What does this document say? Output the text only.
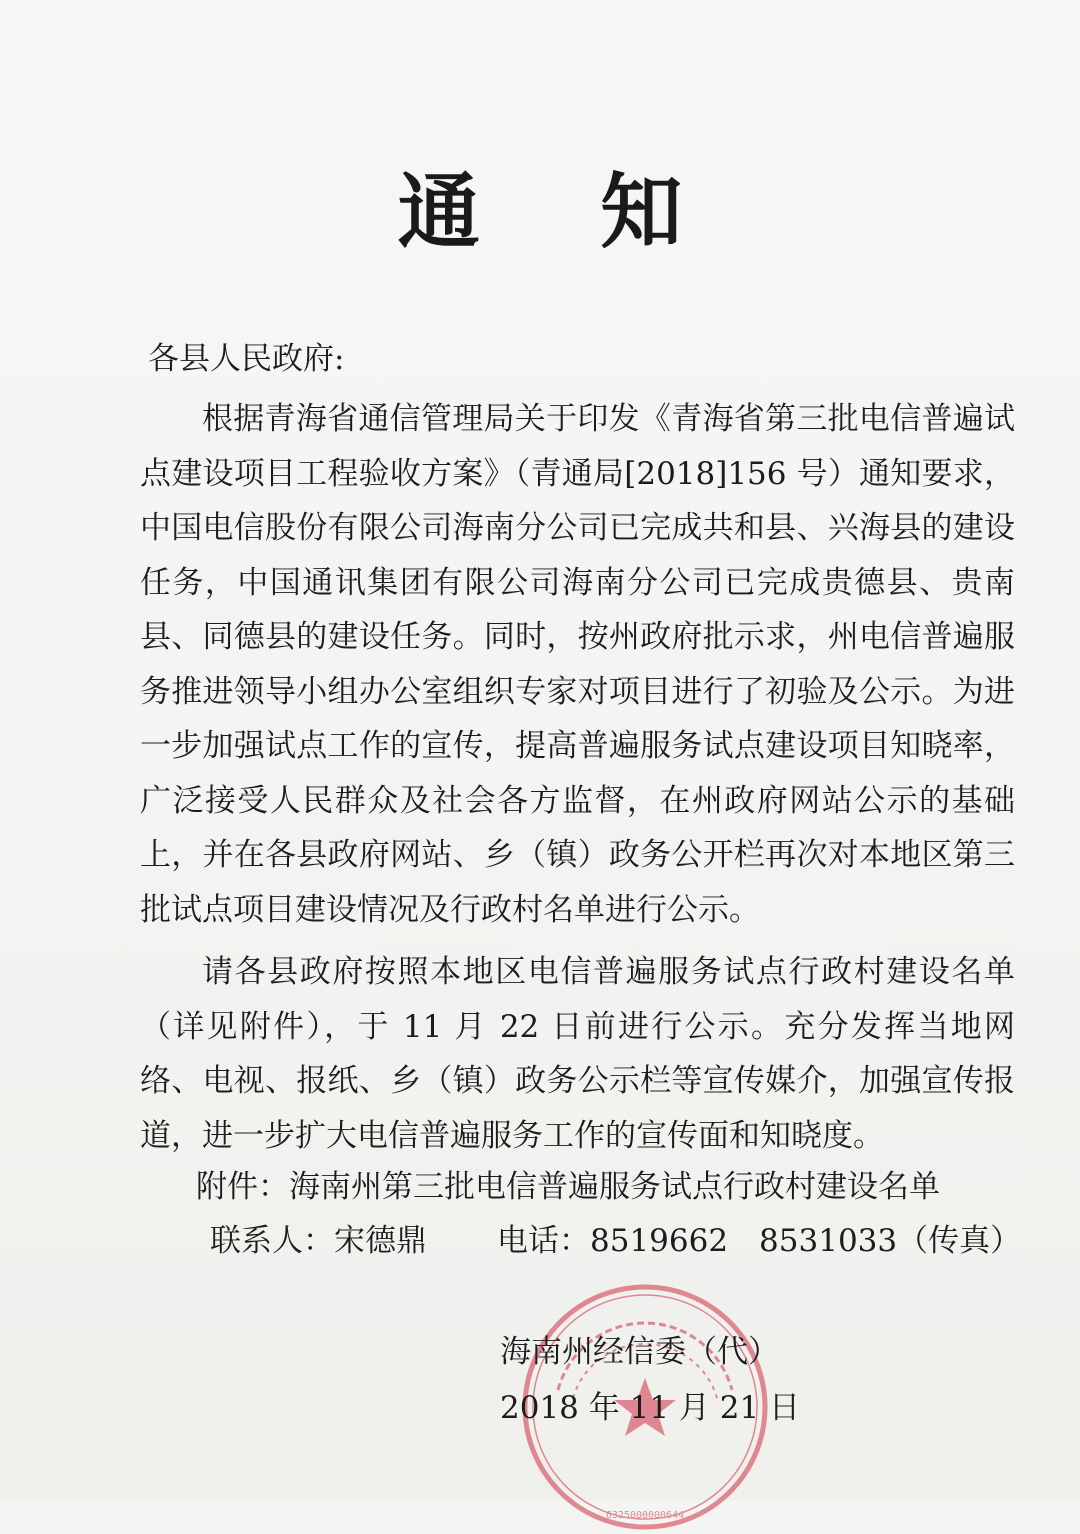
通 知
各县人民政府:

根据青海省通信管理局关于印发《青海省第三批电信普遍试点建设项目工程验收方案》（青通局[2018]156 号）通知要求，中国电信股份有限公司海南分公司已完成共和县、兴海县的建设任务，中国通讯集团有限公司海南分公司已完成贵德县、贵南县、同德县的建设任务。同时，按州政府批示求，州电信普遍服务推进领导小组办公室组织专家对项目进行了初验及公示。为进一步加强试点工作的宣传，提高普遍服务试点建设项目知晓率，广泛接受人民群众及社会各方监督，在州政府网站公示的基础上，并在各县政府网站、乡（镇）政务公开栏再次对本地区第三批试点项目建设情况及行政村名单进行公示。

请各县政府按照本地区电信普遍服务试点行政村建设名单（详见附件），于 11 月 22 日前进行公示。充分发挥当地网络、电视、报纸、乡（镇）政务公示栏等宣传媒介，加强宣传报道，进一步扩大电信普遍服务工作的宣传面和知晓度。

附件：海南州第三批电信普遍服务试点行政村建设名单
联系人：宋德鼎 电话：8519662　8531033（传真）
6325000000644
海南州经信委（代）
2018 年 11 月 21 日
